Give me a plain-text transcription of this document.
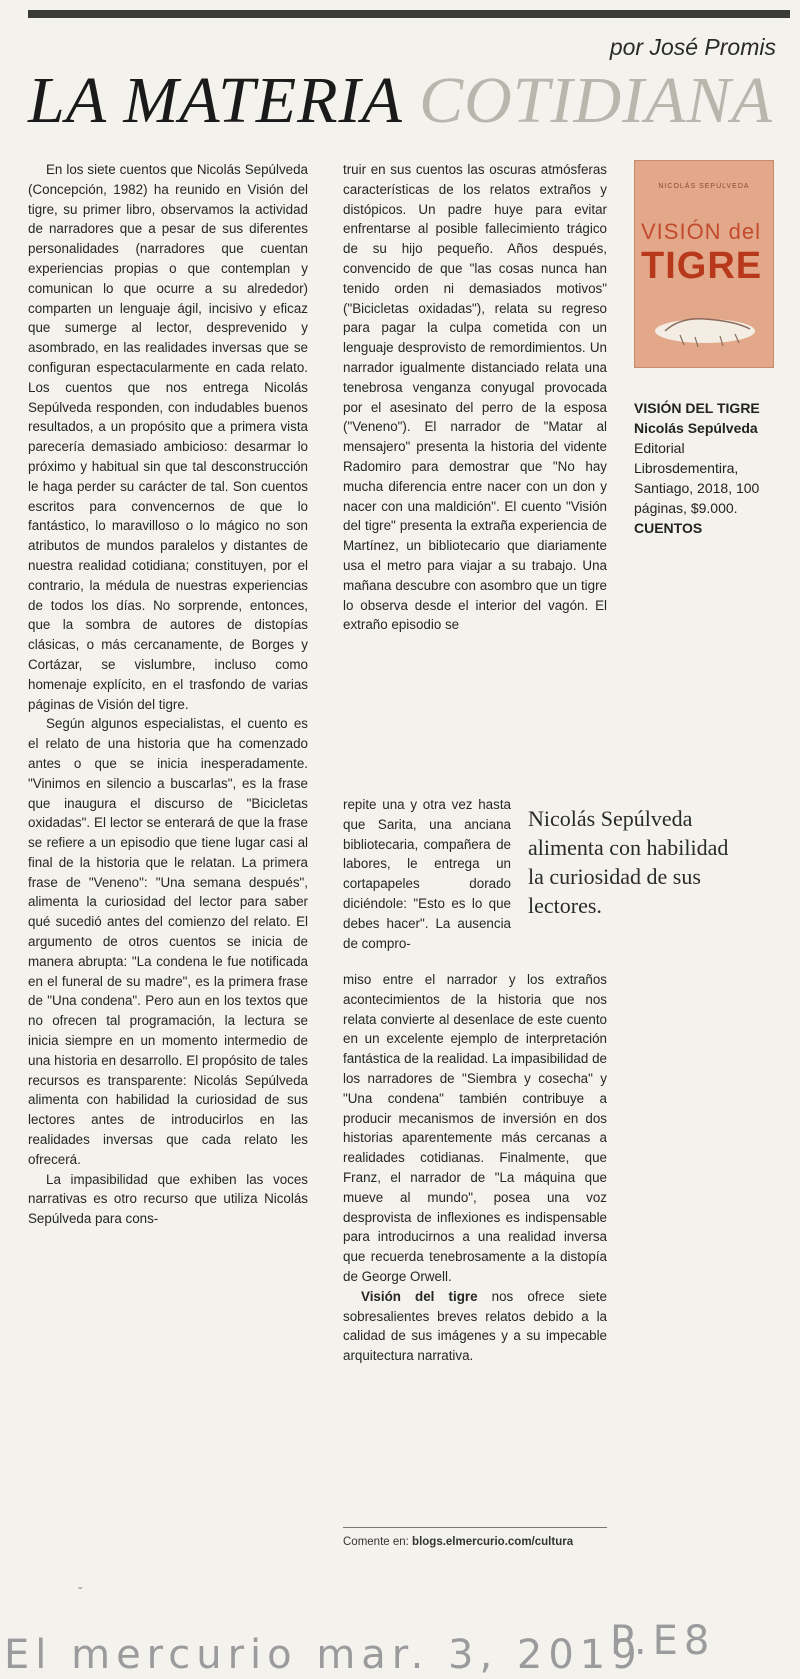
por José Promis
LA MATERIA COTIDIANA

En los siete cuentos que Nicolás Sepúlveda (Concepción, 1982) ha reunido en Visión del tigre, su primer libro, observamos la actividad de narradores que a pesar de sus diferentes personalidades (narradores que cuentan experiencias propias o que contemplan y comunican lo que ocurre a su alrededor) comparten un lenguaje ágil, incisivo y eficaz que sumerge al lector, desprevenido y asombrado, en las realidades inversas que se configuran espectacularmente en cada relato. Los cuentos que nos entrega Nicolás Sepúlveda responden, con indudables buenos resultados, a un propósito que a primera vista parecería demasiado ambicioso: desarmar lo próximo y habitual sin que tal desconstrucción le haga perder su carácter de tal. Son cuentos escritos para convencernos de que lo fantástico, lo maravilloso o lo mágico no son atributos de mundos paralelos y distantes de nuestra realidad cotidiana; constituyen, por el contrario, la médula de nuestras experiencias de todos los días. No sorprende, entonces, que la sombra de autores de distopías clásicas, o más cercanamente, de Borges y Cortázar, se vislumbre, incluso como homenaje explícito, en el trasfondo de varias páginas de Visión del tigre.

Según algunos especialistas, el cuento es el relato de una historia que ha comenzado antes o que se inicia inesperadamente. "Vinimos en silencio a buscarlas", es la frase que inaugura el discurso de "Bicicletas oxidadas". El lector se enterará de que la frase se refiere a un episodio que tiene lugar casi al final de la historia que le relatan. La primera frase de "Veneno": "Una semana después", alimenta la curiosidad del lector para saber qué sucedió antes del comienzo del relato. El argumento de otros cuentos se inicia de manera abrupta: "La condena le fue notificada en el funeral de su madre", es la primera frase de "Una condena". Pero aun en los textos que no ofrecen tal programación, la lectura se inicia siempre en un momento intermedio de una historia en desarrollo. El propósito de tales recursos es transparente: Nicolás Sepúlveda alimenta con habilidad la curiosidad de sus lectores antes de introducirlos en las realidades inversas que cada relato les ofrecerá.

La impasibilidad que exhiben las voces narrativas es otro recurso que utiliza Nicolás Sepúlveda para cons-

truir en sus cuentos las oscuras atmósferas características de los relatos extraños y distópicos. Un padre huye para evitar enfrentarse al posible fallecimiento trágico de su hijo pequeño. Años después, convencido de que "las cosas nunca han tenido orden ni demasiados motivos" ("Bicicletas oxidadas"), relata su regreso para pagar la culpa cometida con un lenguaje desprovisto de remordimientos. Un narrador igualmente distanciado relata una tenebrosa venganza conyugal provocada por el asesinato del perro de la esposa ("Veneno"). El narrador de "Matar al mensajero" presenta la historia del vidente Radomiro para demostrar que "No hay mucha diferencia entre nacer con un don y nacer con una maldición". El cuento "Visión del tigre" presenta la extraña experiencia de Martínez, un bibliotecario que diariamente usa el metro para viajar a su trabajo. Una mañana descubre con asombro que un tigre lo observa desde el interior del vagón. El extraño episodio se

repite una y otra vez hasta que Sarita, una anciana bibliotecaria, compañera de labores, le entrega un cortapapeles dorado diciéndole: "Esto es lo que debes hacer". La ausencia de compro-
Nicolás Sepúlveda alimenta con habilidad la curiosidad de sus lectores.

miso entre el narrador y los extraños acontecimientos de la historia que nos relata convierte al desenlace de este cuento en un excelente ejemplo de interpretación fantástica de la realidad. La impasibilidad de los narradores de "Siembra y cosecha" y "Una condena" también contribuye a producir mecanismos de inversión en dos historias aparentemente más cercanas a realidades cotidianas. Finalmente, que Franz, el narrador de "La máquina que mueve al mundo", posea una voz desprovista de inflexiones es indispensable para introducirnos a una realidad inversa que recuerda tenebrosamente a la distopía de George Orwell.

Visión del tigre nos ofrece siete sobresalientes breves relatos debido a la calidad de sus imágenes y a su impecable arquitectura narrativa.

NICOLÁS SEPÚLVEDA
VISIÓN del
TIGRE
VISIÓN DEL TIGRE
Nicolás Sepúlveda
Editorial Librosdementira, Santiago, 2018, 100 páginas, $9.000.
CUENTOS
Comente en: blogs.elmercurio.com/cultura
ˇ
El mercurio mar. 3, 2019
P.E8
